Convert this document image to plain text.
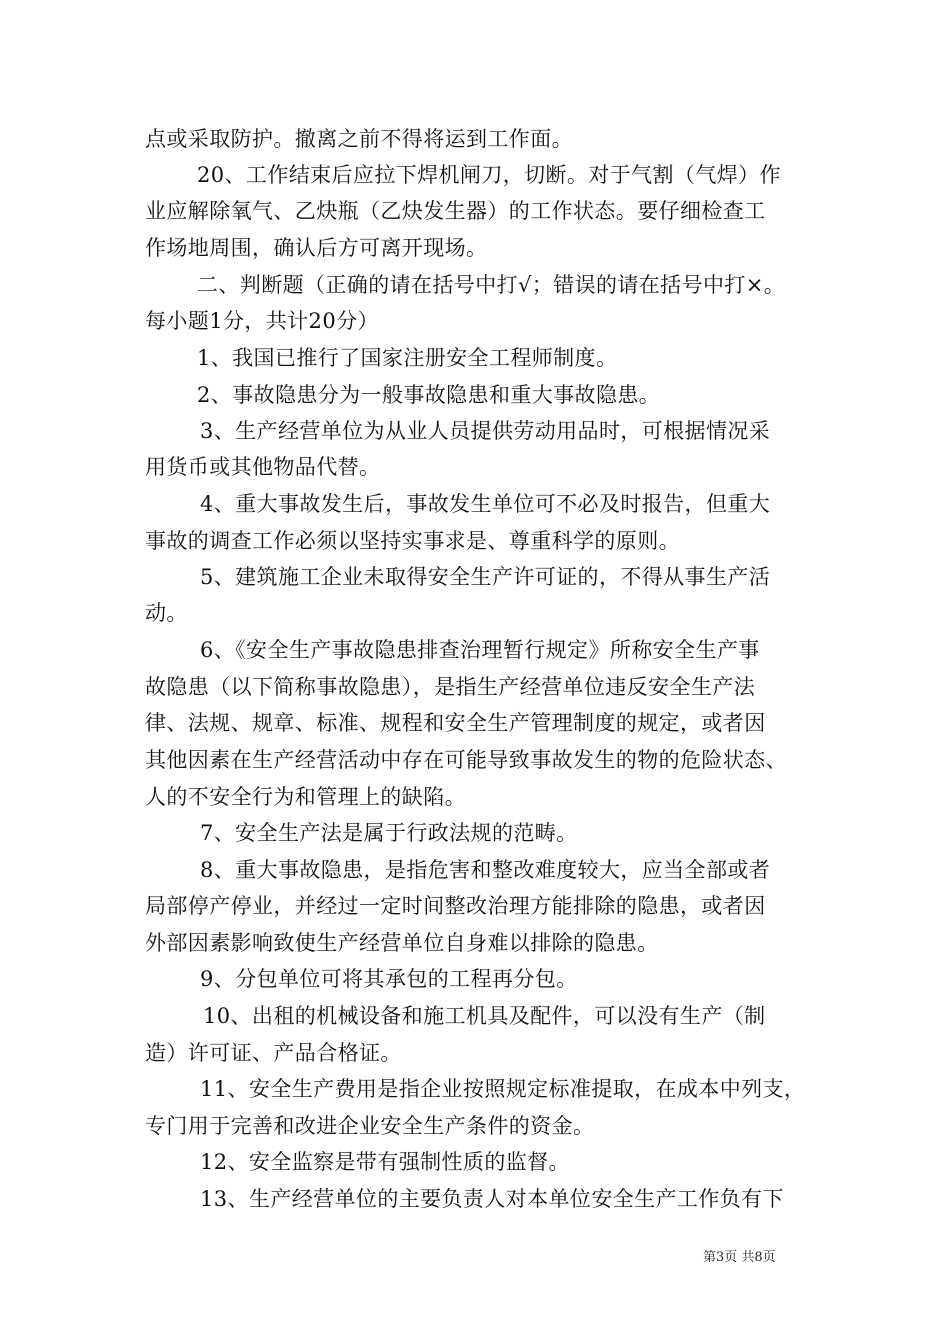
点或采取防护。撤离之前不得将运到工作面。
20、工作结束后应拉下焊机闸刀，切断。对于气割（气焊）作
业应解除氧气、乙炔瓶（乙炔发生器）的工作状态。要仔细检查工
作场地周围，确认后方可离开现场。
二、判断题（正确的请在括号中打√；错误的请在括号中打×。
每小题1分，共计20分）
1、我国已推行了国家注册安全工程师制度。
2、事故隐患分为一般事故隐患和重大事故隐患。
3、生产经营单位为从业人员提供劳动用品时，可根据情况采
用货币或其他物品代替。
4、重大事故发生后，事故发生单位可不必及时报告，但重大
事故的调查工作必须以坚持实事求是、尊重科学的原则。
5、建筑施工企业未取得安全生产许可证的，不得从事生产活
动。
6、《安全生产事故隐患排查治理暂行规定》所称安全生产事
故隐患（以下简称事故隐患），是指生产经营单位违反安全生产法
律、法规、规章、标准、规程和安全生产管理制度的规定，或者因
其他因素在生产经营活动中存在可能导致事故发生的物的危险状态、
人的不安全行为和管理上的缺陷。
7、安全生产法是属于行政法规的范畴。
8、重大事故隐患，是指危害和整改难度较大，应当全部或者
局部停产停业，并经过一定时间整改治理方能排除的隐患，或者因
外部因素影响致使生产经营单位自身难以排除的隐患。
9、分包单位可将其承包的工程再分包。
10、出租的机械设备和施工机具及配件，可以没有生产（制
造）许可证、产品合格证。
11、安全生产费用是指企业按照规定标准提取，在成本中列支，
专门用于完善和改进企业安全生产条件的资金。
12、安全监察是带有强制性质的监督。
13、生产经营单位的主要负责人对本单位安全生产工作负有下
第3页 共8页
